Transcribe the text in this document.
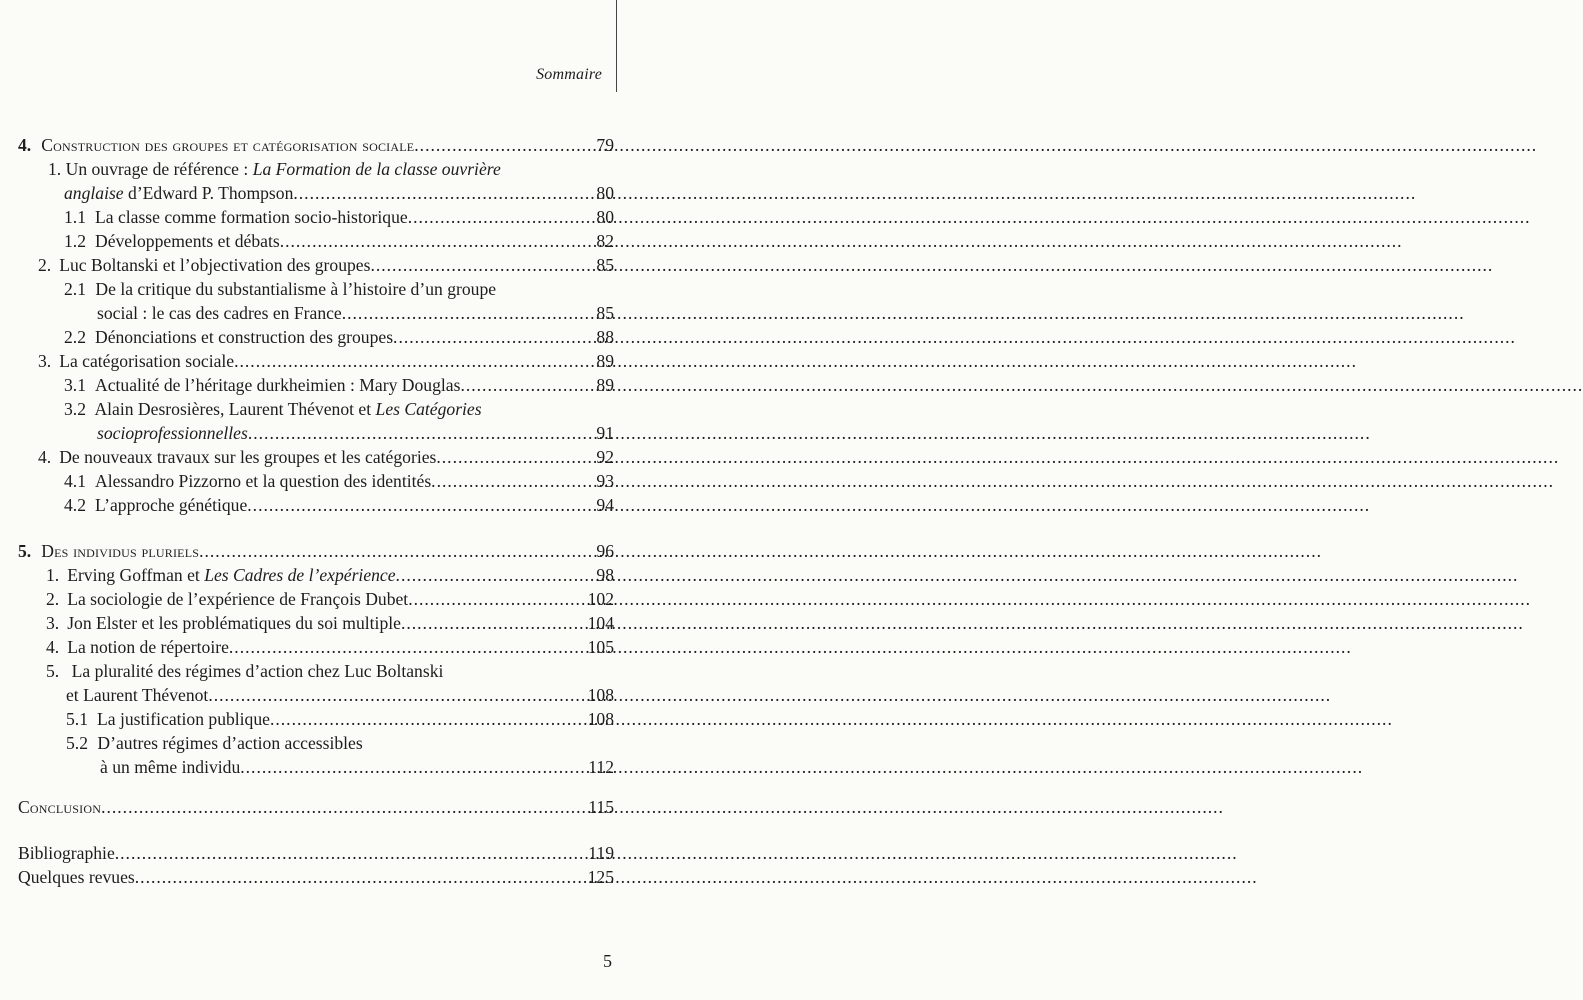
Sommaire
4. Construction des groupes et catégorisation sociale .....	79
1. Un ouvrage de référence : La Formation de la classe ouvrière
anglaise d’Edward P. Thompson .....	80
1.1 La classe comme formation socio-historique .....	80
1.2 Développements et débats .....	82
2. Luc Boltanski et l’objectivation des groupes .....	85
2.1 De la critique du substantialisme à l’histoire d’un groupe
social : le cas des cadres en France .....	85
2.2 Dénonciations et construction des groupes .....	88
3. La catégorisation sociale .....	89
3.1 Actualité de l’héritage durkheimien : Mary Douglas .....	89
3.2 Alain Desrosières, Laurent Thévenot et Les Catégories
socioprofessionnelles .....	91
4. De nouveaux travaux sur les groupes et les catégories .....	92
4.1 Alessandro Pizzorno et la question des identités .....	93
4.2 L’approche génétique .....	94
5. Des individus pluriels .....	96
1. Erving Goffman et Les Cadres de l’expérience .....	98
2. La sociologie de l’expérience de François Dubet .....	102
3. Jon Elster et les problématiques du soi multiple .....	104
4. La notion de répertoire .....	105
5. La pluralité des régimes d’action chez Luc Boltanski
et Laurent Thévenot .....	108
5.1 La justification publique .....	108
5.2 D’autres régimes d’action accessibles
à un même individu .....	112
Conclusion .....	115
Bibliographie .....	119
Quelques revues .....	125
5
